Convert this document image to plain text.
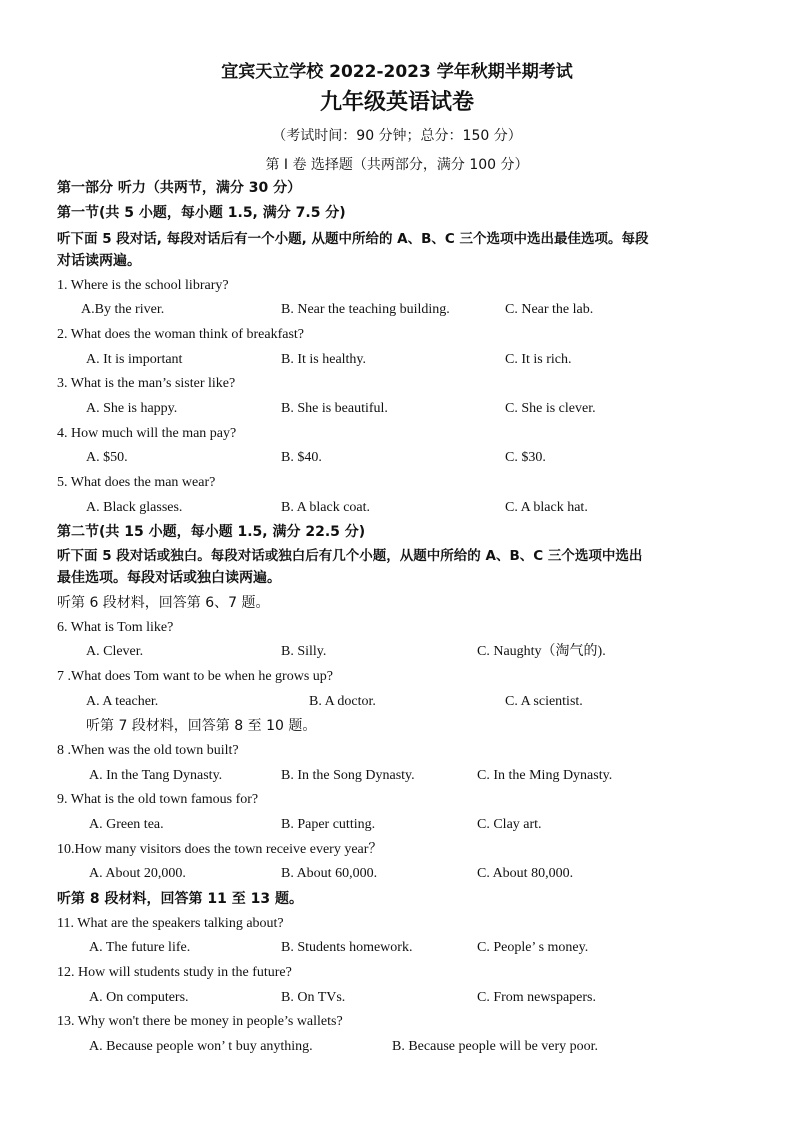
宜宾天立学校 2022-2023 学年秋期半期考试
九年级英语试卷
（考试时间：90 分钟；总分：150 分）
第 I 卷 选择题（共两部分，满分 100 分）
第一部分 听力（共两节，满分 30 分）
第一节(共 5 小题，每小题 1.5, 满分 7.5 分)
听下面 5 段对话, 每段对话后有一个小题, 从题中所给的 A、B、C 三个选项中选出最佳选项。每段
对话读两遍。
1. Where is the school library?
A.By the river.	B. Near the teaching building.	C. Near the lab.
2. What does the woman think of breakfast?
A. It is important	B. It is healthy.	C. It is rich.
3. What is the man’s sister like?
A. She is happy.	B. She is beautiful.	C. She is clever.
4. How much will the man pay?
A. $50.	B. $40.	C. $30.
5. What does the man wear?
A. Black glasses.	B. A black coat.	C. A black hat.
第二节(共 15 小题，每小题 1.5, 满分 22.5 分)
听下面 5 段对话或独白。每段对话或独白后有几个小题，从题中所给的 A、B、C 三个选项中选出
最佳选项。每段对话或独白读两遍。
听第 6 段材料，回答第 6、7 题。
6. What is Tom like?
A. Clever.	B. Silly.	C. Naughty（淘气的).
7 .What does Tom want to be when he grows up?
A. A teacher.	B. A doctor.	C. A scientist.
听第 7 段材料，回答第 8 至 10 题。
8 .When was the old town built?
A. In the Tang Dynasty.	B. In the Song Dynasty.	C. In the Ming Dynasty.
9. What is the old town famous for?
A. Green tea.	B. Paper cutting.	C. Clay art.
10.How many visitors does the town receive every year？
A. About 20,000.	B. About 60,000.	C. About 80,000.
听第 8 段材料，回答第 11 至 13 题。
11. What are the speakers talking about?
A. The future life.	B. Students homework.	C. People’ s money.
12. How will students study in the future?
A. On computers.	B. On TVs.	C. From newspapers.
13. Why won't there be money in people’s wallets?
A. Because people won’ t buy anything.	B. Because people will be very poor.
